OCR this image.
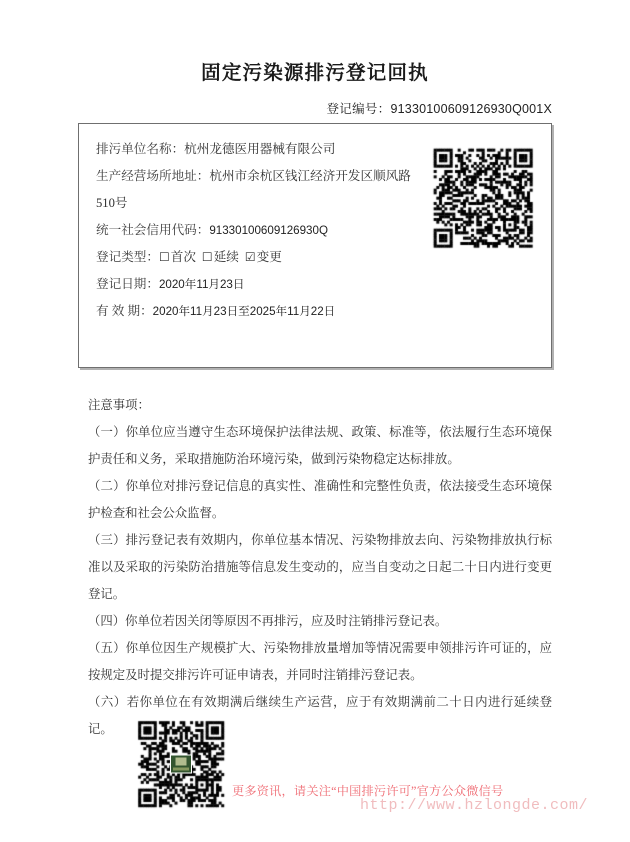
固定污染源排污登记回执
登记编号：91330100609126930Q001X
排污单位名称：杭州龙德医用器械有限公司
生产经营场所地址：杭州市余杭区钱江经济开发区顺风路510号
统一社会信用代码：91330100609126930Q
登记类型：☐首次 ☐延续 ☑变更
登记日期：2020年11月23日
有 效 期：2020年11月23日至2025年11月22日
注意事项：
（一）你单位应当遵守生态环境保护法律法规、政策、标准等，依法履行生态环境保护责任和义务，采取措施防治环境污染，做到污染物稳定达标排放。
（二）你单位对排污登记信息的真实性、准确性和完整性负责，依法接受生态环境保护检查和社会公众监督。
（三）排污登记表有效期内，你单位基本情况、污染物排放去向、污染物排放执行标准以及采取的污染防治措施等信息发生变动的，应当自变动之日起二十日内进行变更登记。
（四）你单位若因关闭等原因不再排污，应及时注销排污登记表。
（五）你单位因生产规模扩大、污染物排放量增加等情况需要申领排污许可证的，应按规定及时提交排污许可证申请表，并同时注销排污登记表。
（六）若你单位在有效期满后继续生产运营，应于有效期满前二十日内进行延续登记。
更多资讯，请关注“中国排污许可”官方公众微信号
http://www.hzlongde.com/
